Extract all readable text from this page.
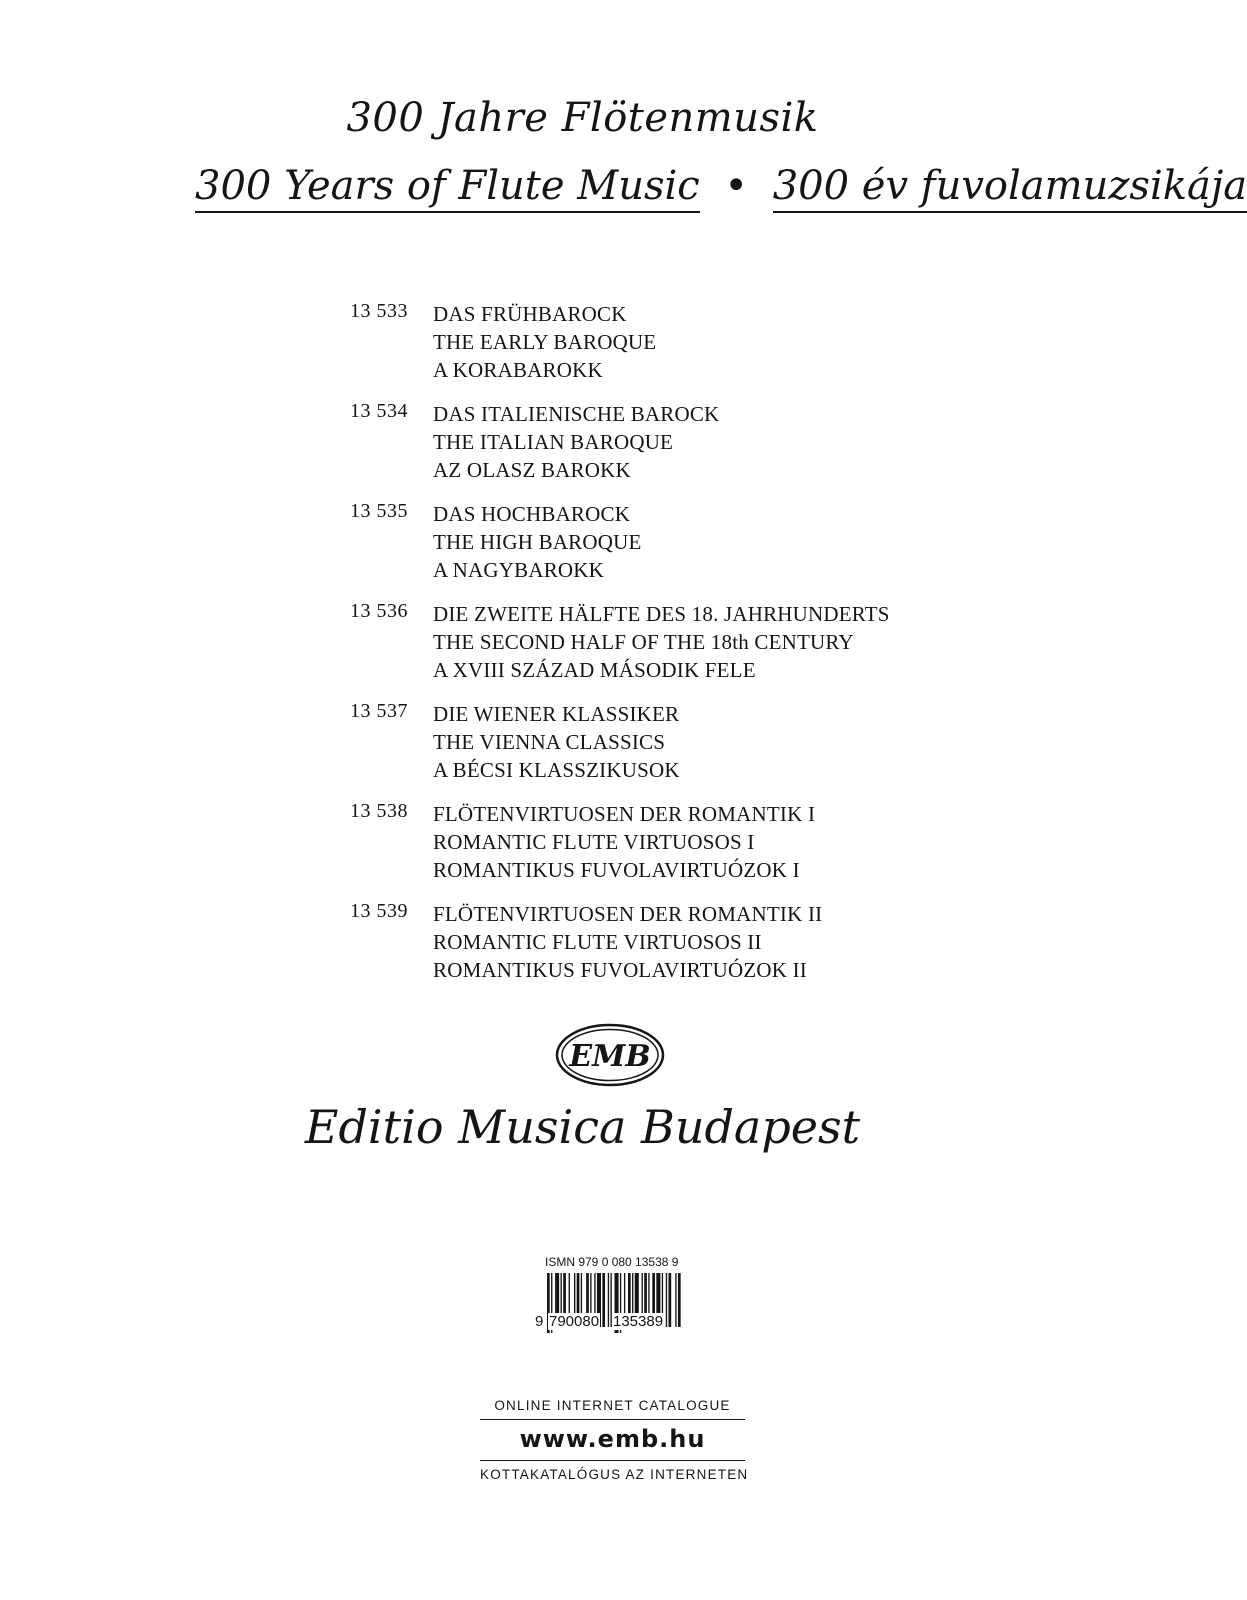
300 Jahre Flötenmusik
300 Years of Flute Music • 300 év fuvolamuzsikája
13 533	DAS FRÜHBAROCK
THE EARLY BAROQUE
A KORABAROKK
13 534	DAS ITALIENISCHE BAROCK
THE ITALIAN BAROQUE
AZ OLASZ BAROKK
13 535	DAS HOCHBAROCK
THE HIGH BAROQUE
A NAGYBAROKK
13 536	DIE ZWEITE HÄLFTE DES 18. JAHRHUNDERTS
THE SECOND HALF OF THE 18th CENTURY
A XVIII SZÁZAD MÁSODIK FELE
13 537	DIE WIENER KLASSIKER
THE VIENNA CLASSICS
A BÉCSI KLASSZIKUSOK
13 538	FLÖTENVIRTUOSEN DER ROMANTIK I
ROMANTIC FLUTE VIRTUOSOS I
ROMANTIKUS FUVOLAVIRTUÓZOK I
13 539	FLÖTENVIRTUOSEN DER ROMANTIK II
ROMANTIC FLUTE VIRTUOSOS II
ROMANTIKUS FUVOLAVIRTUÓZOK II
EMB
Editio Musica Budapest
ISMN 979 0 080 13538 9
9 790080 135389
ONLINE INTERNET CATALOGUE
www.emb.hu
KOTTAKATALÓGUS AZ INTERNETEN
